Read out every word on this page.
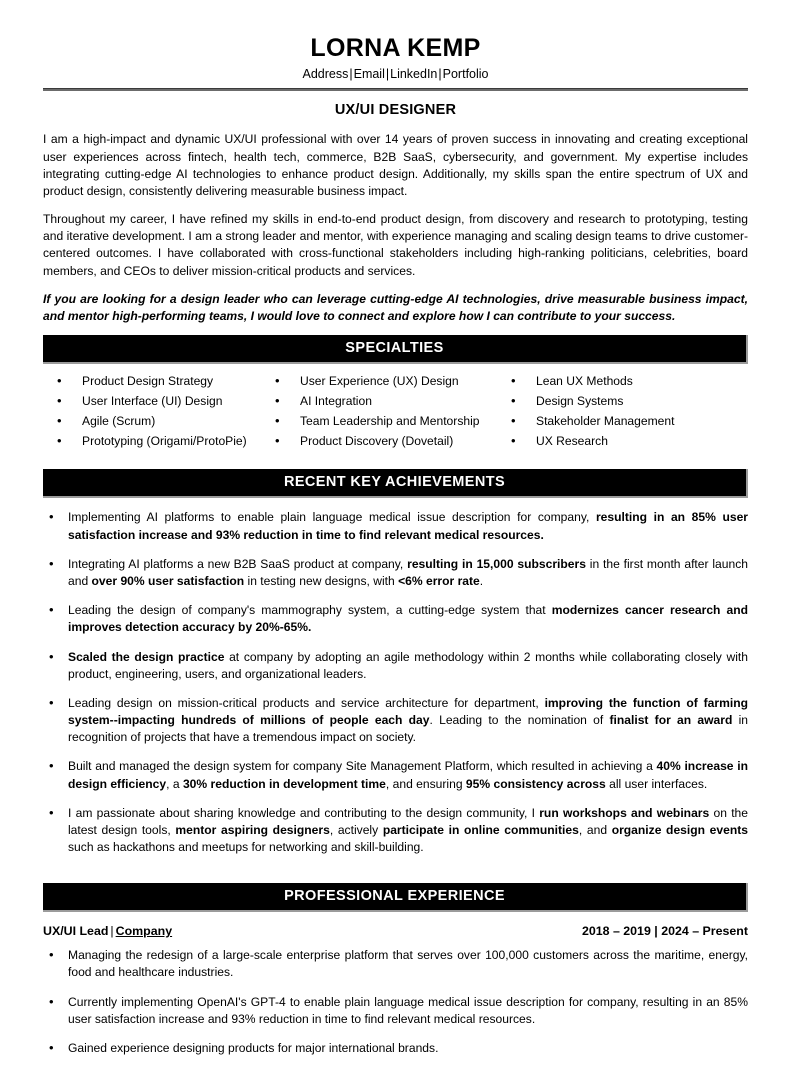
LORNA KEMP
Address|Email|LinkedIn|Portfolio
UX/UI DESIGNER

I am a high-impact and dynamic UX/UI professional with over 14 years of proven success in innovating and creating exceptional user experiences across fintech, health tech, commerce, B2B SaaS, cybersecurity, and government. My expertise includes integrating cutting-edge AI technologies to enhance product design. Additionally, my skills span the entire spectrum of UX and product design, consistently delivering measurable business impact.

Throughout my career, I have refined my skills in end-to-end product design, from discovery and research to prototyping, testing and iterative development. I am a strong leader and mentor, with experience managing and scaling design teams to drive customer-centered outcomes. I have collaborated with cross-functional stakeholders including high-ranking politicians, celebrities, board members, and CEOs to deliver mission-critical products and services.

If you are looking for a design leader who can leverage cutting-edge AI technologies, drive measurable business impact, and mentor high-performing teams, I would love to connect and explore how I can contribute to your success.

SPECIALTIES
• Product Design Strategy
• User Interface (UI) Design
• Agile (Scrum)
• Prototyping (Origami/ProtoPie)
• User Experience (UX) Design
• AI Integration
• Team Leadership and Mentorship
• Product Discovery (Dovetail)
• Lean UX Methods
• Design Systems
• Stakeholder Management
• UX Research
RECENT KEY ACHIEVEMENTS
• Implementing AI platforms to enable plain language medical issue description for company, resulting in an 85% user satisfaction increase and 93% reduction in time to find relevant medical resources.
• Integrating AI platforms a new B2B SaaS product at company, resulting in 15,000 subscribers in the first month after launch and over 90% user satisfaction in testing new designs, with <6% error rate.
• Leading the design of company's mammography system, a cutting-edge system that modernizes cancer research and improves detection accuracy by 20%-65%.
• Scaled the design practice at company by adopting an agile methodology within 2 months while collaborating closely with product, engineering, users, and organizational leaders.
• Leading design on mission-critical products and service architecture for department, improving the function of farming system--impacting hundreds of millions of people each day. Leading to the nomination of finalist for an award in recognition of projects that have a tremendous impact on society.
• Built and managed the design system for company Site Management Platform, which resulted in achieving a 40% increase in design efficiency, a 30% reduction in development time, and ensuring 95% consistency across all user interfaces.
• I am passionate about sharing knowledge and contributing to the design community, I run workshops and webinars on the latest design tools, mentor aspiring designers, actively participate in online communities, and organize design events such as hackathons and meetups for networking and skill-building.
PROFESSIONAL EXPERIENCE
UX/UI Lead | Company	2018 – 2019 | 2024 – Present
• Managing the redesign of a large-scale enterprise platform that serves over 100,000 customers across the maritime, energy, food and healthcare industries.
• Currently implementing OpenAI's GPT-4 to enable plain language medical issue description for company, resulting in an 85% user satisfaction increase and 93% reduction in time to find relevant medical resources.
• Gained experience designing products for major international brands.
